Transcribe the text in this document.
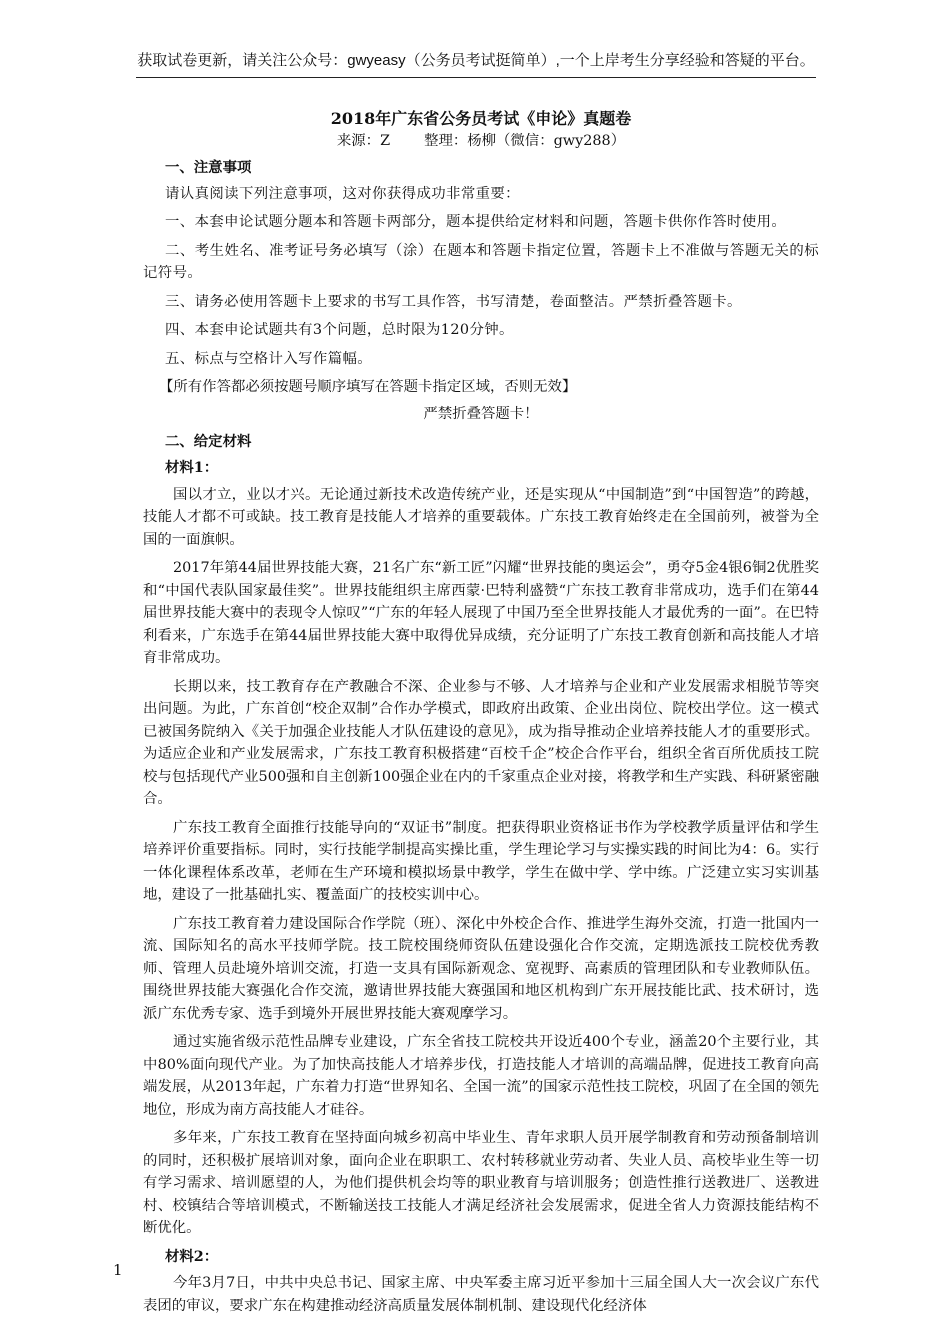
获取试卷更新，请关注公众号：gwyeasy（公务员考试挺简单）,一个上岸考生分享经验和答疑的平台。

2018年广东省公务员考试《申论》真题卷

来源：Z 整理：杨柳（微信：gwy288）

一、注意事项

请认真阅读下列注意事项，这对你获得成功非常重要：

一、本套申论试题分题本和答题卡两部分，题本提供给定材料和问题，答题卡供你作答时使用。

二、考生姓名、准考证号务必填写（涂）在题本和答题卡指定位置，答题卡上不准做与答题无关的标记符号。

三、请务必使用答题卡上要求的书写工具作答，书写清楚，卷面整洁。严禁折叠答题卡。

四、本套申论试题共有3个问题，总时限为120分钟。

五、标点与空格计入写作篇幅。

【所有作答都必须按题号顺序填写在答题卡指定区域，否则无效】

严禁折叠答题卡！

二、给定材料

材料1：

国以才立，业以才兴。无论通过新技术改造传统产业，还是实现从“中国制造”到“中国智造”的跨越，技能人才都不可或缺。技工教育是技能人才培养的重要载体。广东技工教育始终走在全国前列，被誉为全国的一面旗帜。

2017年第44届世界技能大赛，21名广东“新工匠”闪耀“世界技能的奥运会”，勇夺5金4银6铜2优胜奖和“中国代表队国家最佳奖”。世界技能组织主席西蒙·巴特利盛赞“广东技工教育非常成功，选手们在第44届世界技能大赛中的表现令人惊叹”“广东的年轻人展现了中国乃至全世界技能人才最优秀的一面”。在巴特利看来，广东选手在第44届世界技能大赛中取得优异成绩，充分证明了广东技工教育创新和高技能人才培育非常成功。

长期以来，技工教育存在产教融合不深、企业参与不够、人才培养与企业和产业发展需求相脱节等突出问题。为此，广东首创“校企双制”合作办学模式，即政府出政策、企业出岗位、院校出学位。这一模式已被国务院纳入《关于加强企业技能人才队伍建设的意见》，成为指导推动企业培养技能人才的重要形式。为适应企业和产业发展需求，广东技工教育积极搭建“百校千企”校企合作平台，组织全省百所优质技工院校与包括现代产业500强和自主创新100强企业在内的千家重点企业对接，将教学和生产实践、科研紧密融合。

广东技工教育全面推行技能导向的“双证书”制度。把获得职业资格证书作为学校教学质量评估和学生培养评价重要指标。同时，实行技能学制提高实操比重，学生理论学习与实操实践的时间比为4：6。实行一体化课程体系改革，老师在生产环境和模拟场景中教学，学生在做中学、学中练。广泛建立实习实训基地，建设了一批基础扎实、覆盖面广的技校实训中心。

广东技工教育着力建设国际合作学院（班）、深化中外校企合作、推进学生海外交流，打造一批国内一流、国际知名的高水平技师学院。技工院校围绕师资队伍建设强化合作交流，定期选派技工院校优秀教师、管理人员赴境外培训交流，打造一支具有国际新观念、宽视野、高素质的管理团队和专业教师队伍。围绕世界技能大赛强化合作交流，邀请世界技能大赛强国和地区机构到广东开展技能比武、技术研讨，选派广东优秀专家、选手到境外开展世界技能大赛观摩学习。

通过实施省级示范性品牌专业建设，广东全省技工院校共开设近400个专业，涵盖20个主要行业，其中80%面向现代产业。为了加快高技能人才培养步伐，打造技能人才培训的高端品牌，促进技工教育向高端发展，从2013年起，广东着力打造“世界知名、全国一流”的国家示范性技工院校，巩固了在全国的领先地位，形成为南方高技能人才硅谷。

多年来，广东技工教育在坚持面向城乡初高中毕业生、青年求职人员开展学制教育和劳动预备制培训的同时，还积极扩展培训对象，面向企业在职职工、农村转移就业劳动者、失业人员、高校毕业生等一切有学习需求、培训愿望的人，为他们提供机会均等的职业教育与培训服务；创造性推行送教进厂、送教进村、校镇结合等培训模式，不断输送技工技能人才满足经济社会发展需求，促进全省人力资源技能结构不断优化。

材料2：

今年3月7日，中共中央总书记、国家主席、中央军委主席习近平参加十三届全国人大一次会议广东代表团的审议，要求广东在构建推动经济高质量发展体制机制、建设现代化经济体

1
